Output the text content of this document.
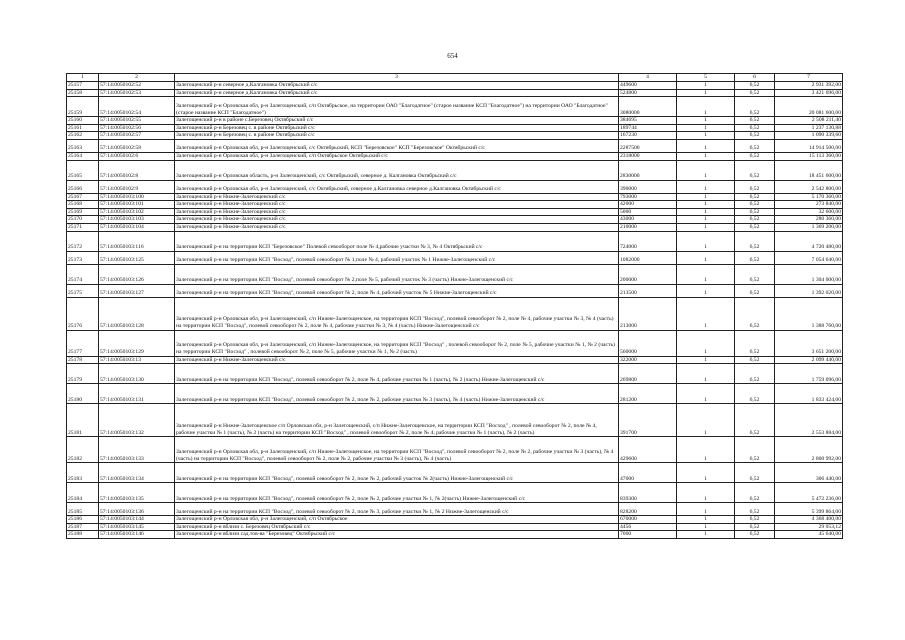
654
1	2	3	4	5	6	7
25157	57:14:0050102:52	Залегощенский р-н северное д.Калгановка Октябрьский с/с	449600	1	6,52	2 931 392,00
25158	57:14:0050102:53	Залегощенский р-н северное д.Калгановка Октябрьский с/с	524800	1	6,52	3 421 696,00
25159	57:14:0050102:54	Залегощенский р-н Орловская обл, р-н Залегощенский, с/п Октябрьское, на территории ОАО "Благодатное" (старое название КСП "Благодатное") на территории ОАО "Благодатное" (старое название КСП "Благодатное")	3080000	1	6,52	20 081 600,00
25160	57:14:0050102:55	Залегощенский р-н в районе с.Березовец Октябрьский с/с	384695	1	6,52	2 508 211,40
25161	57:14:0050102:56	Залегощенский р-н Березовец с. в районе Октябрьский с/с	189744	1	6,52	1 237 130,88
25162	57:14:0050102:57	Залегощенский р-н Березовец с. в районе Октябрьский с/с	167230	1	6,52	1 090 339,60
25163	57:14:0050102:58	Залегощенский р-н Орловская обл, р-н Залегощенский, с/с Октябрьский, КСП "Березовское" КСП "Березовское" Октябрьский с/с	2287500	1	6,52	14 914 500,00
25164	57:14:0050102:6	Залегощенский р-н Орловская обл, р-н Залегощенский, с/п Октябрьское Октябрьский с/с	2318000	1	6,52	15 113 360,00
25165	57:14:0050102:8	Залегощенский р-н Орловская область, р-н Залегощенский, с/с Октябрьский, северное д. Калгановка Октябрьский с/с	2830000	1	6,52	18 451 600,00
25166	57:14:0050102:9	Залегощенский р-н Орловская обл, р-н Залегощенский, с/с Октябрьский, северное д.Калгановка северное д.Калгановка Октябрьский с/с	390000	1	6,52	2 542 800,00
25167	57:14:0050103:100	Залегощенский р-н Нижне-Залегощенский с/с	793000	1	6,52	5 170 360,00
25168	57:14:0050103:101	Залегощенский р-н Нижне-Залегощенский с/с	42000	1	6,52	273 840,00
25169	57:14:0050103:102	Залегощенский р-н Нижне-Залегощенский с/с	5000	1	6,52	32 600,00
25170	57:14:0050103:103	Залегощенский р-н Нижне-Залегощенский с/с	43000	1	6,52	280 360,00
25171	57:14:0050103:104	Залегощенский р-н Нижне-Залегощенский с/с	210000	1	6,52	1 369 200,00
25172	57:14:0050103:116	Залегощенский р-н на территории КСП "Березовское" Полевой севооборот поле № 4,рабочие участки № 3, № 4 Октябрьский с/с	724000	1	6,52	4 720 480,00
25173	57:14:0050103:125	Залегощенский р-н на территории КСП "Восход", полевой севооборот № 1,поле № 4, рабочий участок № 1 Нижне-Залегощенский с/с	1082000	1	6,52	7 054 640,00
25174	57:14:0050103:126	Залегощенский р-н на территории КСП "Восход", полевой севооборот № 2,поле № 5, рабочий участок № 3 (часть) Нижне-Залегощенский с/с	200000	1	6,52	1 304 000,00
25175	57:14:0050103:127	Залегощенский р-н на территории КСП "Восход", полевой севооборот № 2, поле № 4, рабочий участок № 5 Нижне-Залегощенский с/с	213500	1	6,52	1 392 020,00
25176	57:14:0050103:128	Залегощенский р-н Орловская обл, р-н Залегощенский, с/п Нижне-Залегощенское, на территории КСП "Восход", полевой севооборот № 2, поле № 4, рабочие участки № 3, № 4 (часть) на территории КСП "Восход", полевой севооборот № 2, поле № 4, рабочие участки № 3, № 4 (часть) Нижне-Залегощенский с/с	213000	1	6,52	1 388 760,00
25177	57:14:0050103:129	Залегощенский р-н Орловская обл, р-н Залегощенский, с/п Нижне-Залегощенское, на территории КСП "Восход" , полевой севооборот № 2, поле № 5, рабочие участки № 1, № 2 (часть) на территории КСП "Восход" , полевой севооборот № 2, поле № 5, рабочие участки № 1, № 2 (часть)	560000	1	6,52	3 651 200,00
25178	57:14:0050103:13	Залегощенский р-н Нижне-Залегощенский с/с	322000	1	6,52	2 099 440,00
25179	57:14:0050103:130	Залегощенский р-н на территории КСП "Восход", полевой севооборот № 2, поле № 4, рабочие участки № 1 (часть), № 2 (часть) Нижне-Залегощенский с/с	269800	1	6,52	1 759 096,00
25180	57:14:0050103:131	Залегощенский р-н на территории КСП "Восход", полевой севооборот № 2, поле № 2, рабочие участки № 3 (часть), № 4 (часть) Нижне-Залегощенский с/с	281200	1	6,52	1 833 424,00
25181	57:14:0050103:132	Залегощенский р-н Нижне-Залегощенское с/п Орловская обл, р-н Залегощенский, с/п Нижне-Залегощенское, на территории КСП "Восход" , полевой севооборот № 2, поле № 4, рабочие участки № 1 (часть), № 2 (часть) на территории КСП "Восход" , полевой севооборот № 2, поле № 4, рабочие участки № 1 (часть), № 2 (часть)	391700	1	6,52	2 553 884,00
25182	57:14:0050103:133	Залегощенский р-н Орловская обл, р-н Залегощенский, с/п Нижне-Залегощенское, на территории КСП "Восход", полевой севооборот № 2, поле № 2, рабочие участки № 3 (часть), № 4 (часть) на территории КСП "Восход", полевой севооборот № 2, поле № 2, рабочие участки № 3 (часть), № 4 (часть)	429600	1	6,52	2 800 992,00
25183	57:14:0050103:134	Залегощенский р-н на территории КСП "Восход", полевой севооборот № 2, поле № 2, рабочий участок № 2(часть) Нижне-Залегощенский с/с	47000	1	6,52	306 440,00
25184	57:14:0050103:135	Залегощенский р-н на территории КСП "Восход", полевой севооборот № 2, поле № 2, рабочие участки № 1, № 2(часть) Нижне-Залегощенский с/с	839300	1	6,52	5 472 236,00
25185	57:14:0050103:136	Залегощенский р-н на территории КСП "Восход", полевой севооборот № 2, поле № 3, рабочие участки № 1, № 2 Нижне-Залегощенский с/с	828200	1	6,52	5 399 864,00
25186	57:14:0050103:144	Залегощенский р-н Орловская обл, р-н Залегощенский, с/п Октябрьское	670000	1	6,52	4 368 400,00
25187	57:14:0050103:145	Залегощенский р-н вблизи с. Березовец Октябрьский с/с	4456	1	6,52	29 053,12
25188	57:14:0050103:146	Залегощенский р-н вблизи сад.тов-ва "Березовец" Октябрьский с/с	7000	1	6,52	45 640,00
